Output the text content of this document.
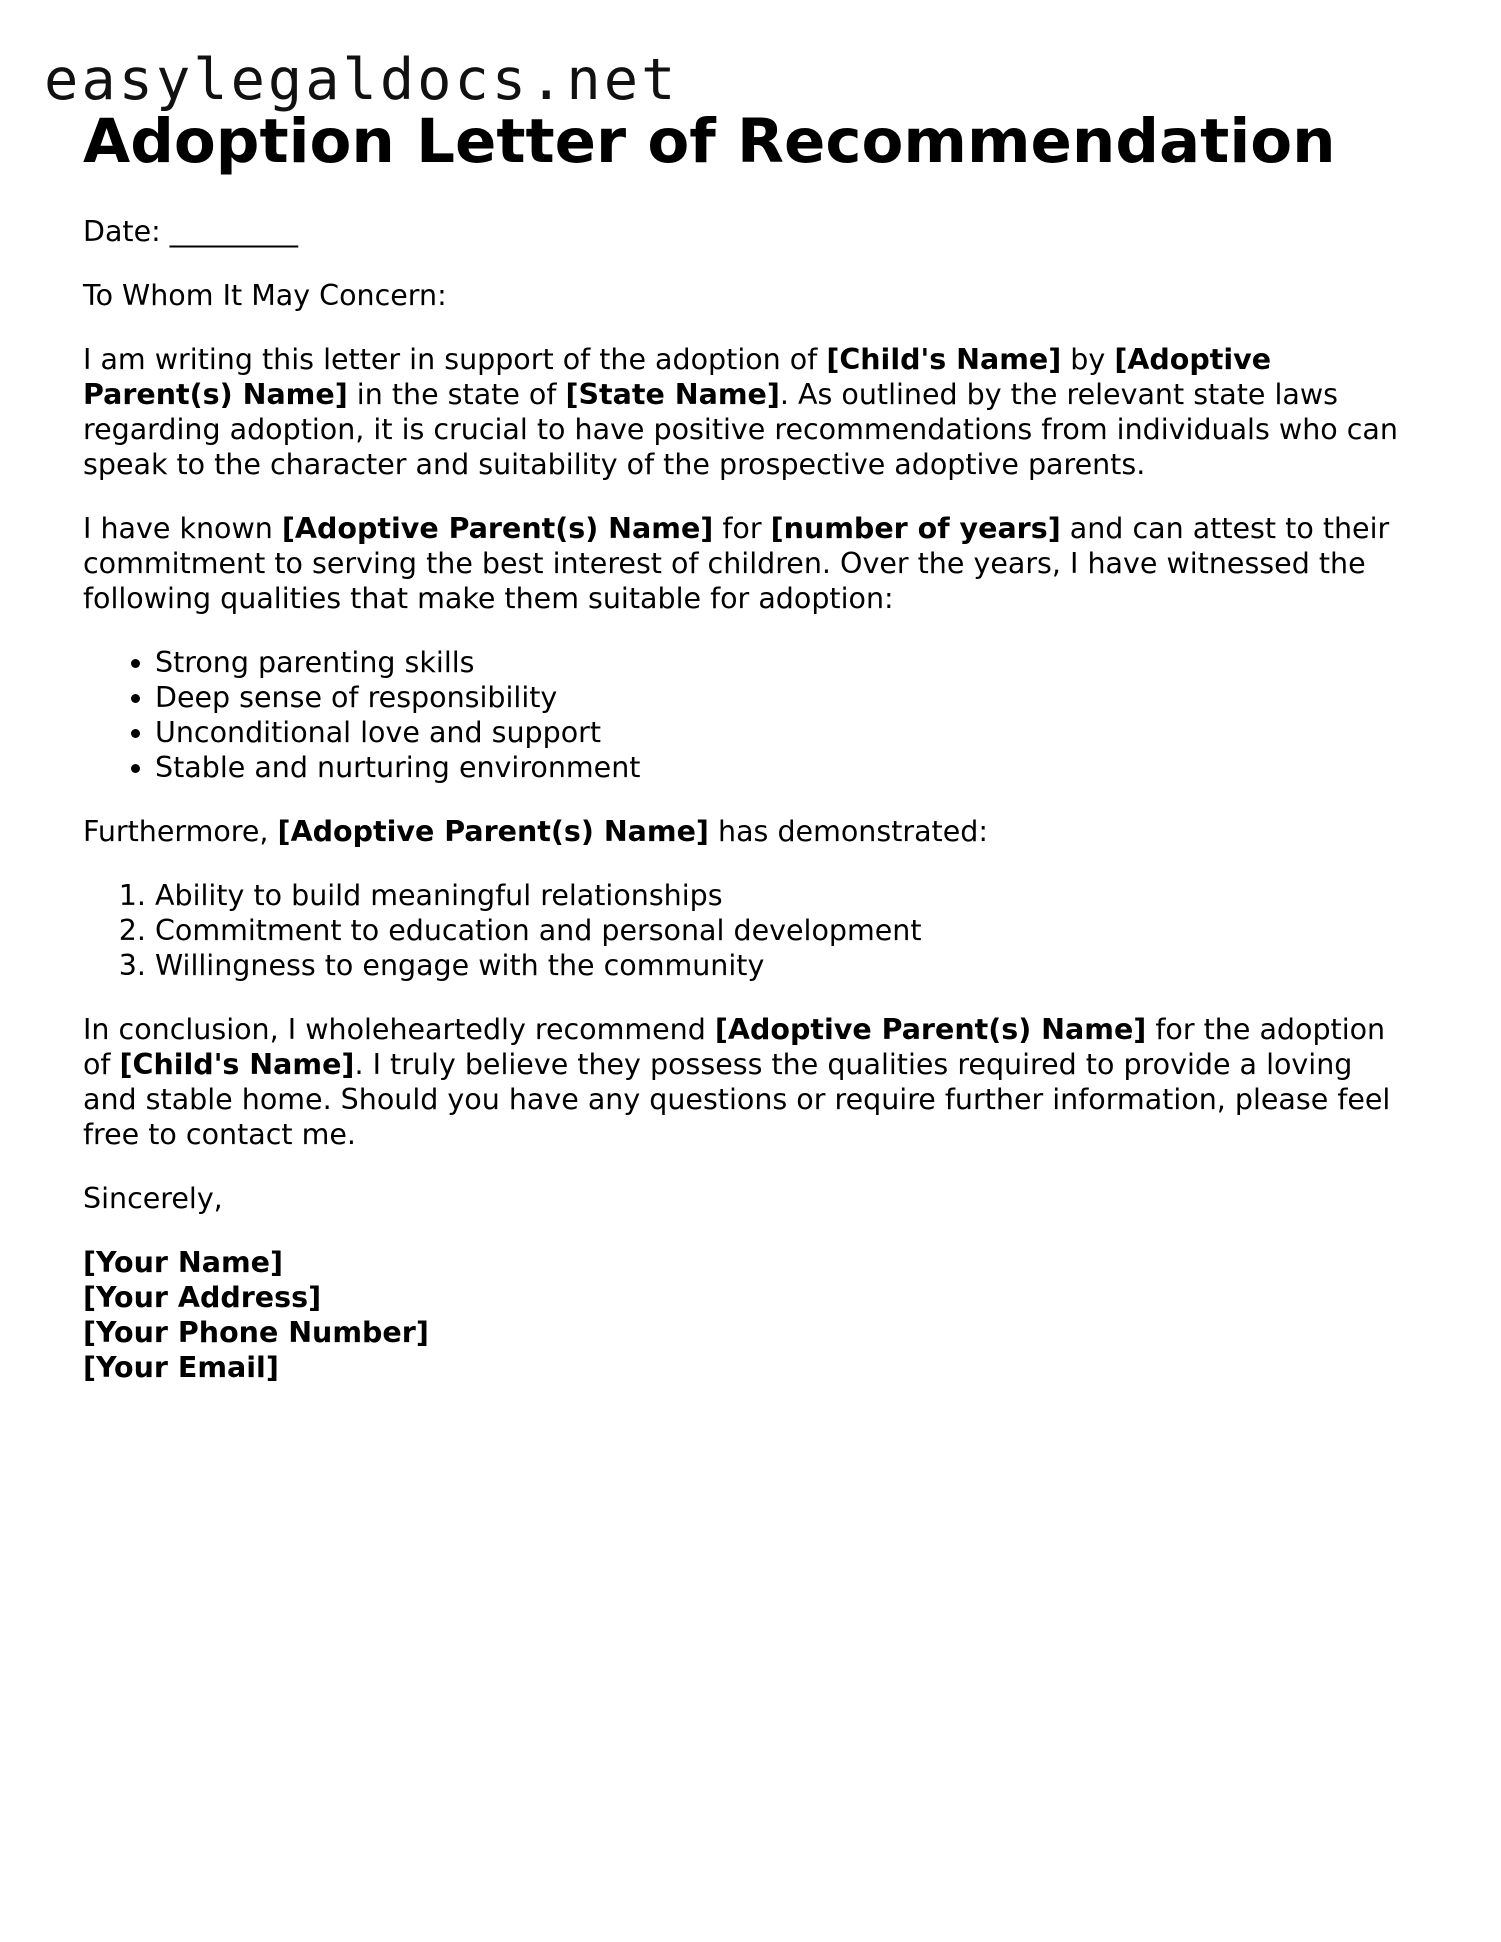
easylegaldocs.net
Adoption Letter of Recommendation

Date: _________

To Whom It May Concern:

I am writing this letter in support of the adoption of [Child's Name] by [Adoptive Parent(s) Name] in the state of [State Name]. As outlined by the relevant state laws regarding adoption, it is crucial to have positive recommendations from individuals who can speak to the character and suitability of the prospective adoptive parents.

I have known [Adoptive Parent(s) Name] for [number of years] and can attest to their commitment to serving the best interest of children. Over the years, I have witnessed the following qualities that make them suitable for adoption:

• Strong parenting skills
• Deep sense of responsibility
• Unconditional love and support
• Stable and nurturing environment

Furthermore, [Adoptive Parent(s) Name] has demonstrated:

1. Ability to build meaningful relationships
2. Commitment to education and personal development
3. Willingness to engage with the community

In conclusion, I wholeheartedly recommend [Adoptive Parent(s) Name] for the adoption of [Child's Name]. I truly believe they possess the qualities required to provide a loving and stable home. Should you have any questions or require further information, please feel free to contact me.

Sincerely,

[Your Name]
[Your Address]
[Your Phone Number]
[Your Email]
